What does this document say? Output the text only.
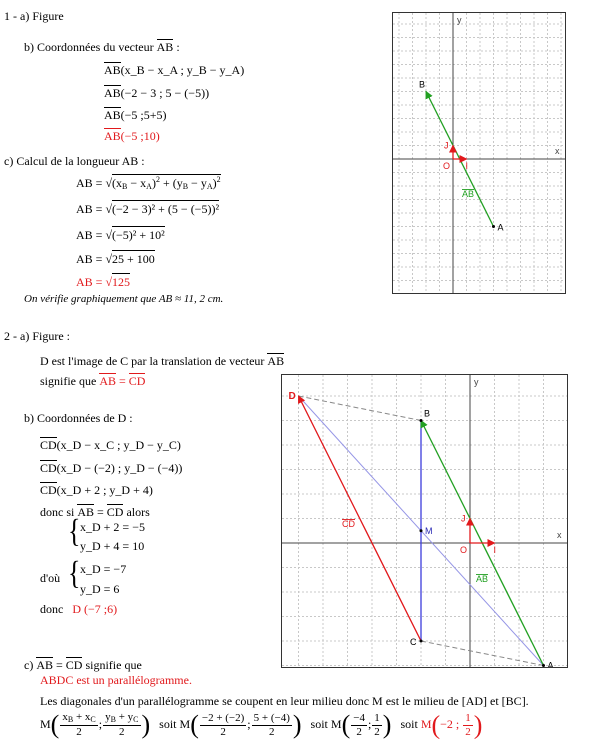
1 - a) Figure
b) Coordonnées du vecteur AB :
AB(x_B − x_A ; y_B − y_A)
AB(−2 − 3 ; 5 − (−5))
AB(−5 ;5+5)
AB(−5 ;10)
c) Calcul de la longueur AB :
AB = $√(x_B - x_A)^2 + (y_B - y_A)^2$
AB = √(−2 − 3)² + (5 − (−5))²
AB = √(−5)² + 10²
AB = √25 + 100
AB = √125
On vérifie graphiquement que AB ≈ 11, 2 cm.
x
y
A
B
J
I
O
AB
2 - a) Figure :
D est l'image de C par la translation de vecteur AB
signifie que AB = CD
b) Coordonnées de D :
CD(x_D − x_C ; y_D − y_C)
CD(x_D − (−2) ; y_D − (−4))
CD(x_D + 2 ; y_D + 4)
donc si AB = CD alors
{ x_D + 2 = −5
y_D + 4 = 10
d'où { x_D = −7
y_D = 6
donc D (−7 ;6)
c) AB = CD signifie que
ABDC est un parallélogramme.
Les diagonales d'un parallélogramme se coupent en leur milieu donc M est le milieu de [AD] et [BC].
$M( \frac{x_B + x_C}{2}$ ; $\frac{y_B + y_C}{2}$ ) soit $M( \frac{-2 + (-2)}{2}$ ; $\frac{5 + (-4)}{2}$ ) soit $M( \frac{-4}{2}$ ; $\frac{1}{2}$ ) soit M(−2 ; $\frac{1}{2}$ )
x
y
A
B
C
D
M
J
I
O
AB
CD
